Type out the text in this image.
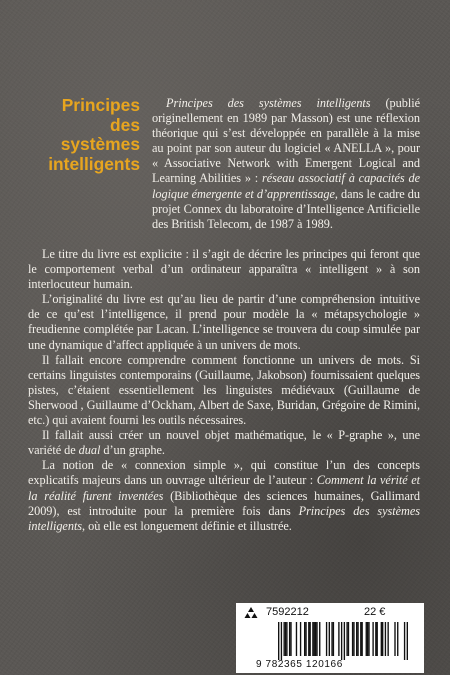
Principes
des systèmes
intelligents

Principes des systèmes intelligents (publié originellement en 1989 par Masson) est une réflexion théorique qui s’est développée en parallèle à la mise au point par son auteur du logiciel « ANELLA », pour « Associative Network with Emergent Logical and Learning Abilities » : réseau associatif à capacités de logique émergente et d’apprentissage, dans le cadre du projet Connex du laboratoire d’Intelligence Artificielle des British Telecom, de 1987 à 1989.

Le titre du livre est explicite : il s’agit de décrire les principes qui feront que le comportement verbal d’un ordinateur apparaîtra « intelligent » à son interlocuteur humain.

L’originalité du livre est qu’au lieu de partir d’une compréhension intuitive de ce qu’est l’intelligence, il prend pour modèle la « métapsychologie » freudienne complétée par Lacan. L’intelligence se trouvera du coup simulée par une dynamique d’affect appliquée à un univers de mots.

Il fallait encore comprendre comment fonctionne un univers de mots. Si certains linguistes contemporains (Guillaume, Jakobson) fournissaient quelques pistes, c’étaient essentiellement les linguistes médiévaux (Guillaume de Sherwood , Guillaume d’Ockham, Albert de Saxe, Buridan, Grégoire de Rimini, etc.) qui avaient fourni les outils nécessaires.

Il fallait aussi créer un nouvel objet mathématique, le « P-graphe », une variété de dual d’un graphe.

La notion de « connexion simple », qui constitue l’un des concepts explicatifs majeurs dans un ouvrage ultérieur de l’auteur : Comment la vérité et la réalité furent inventées (Bibliothèque des sciences humaines, Gallimard 2009), est introduite pour la première fois dans Principes des systèmes intelligents, où elle est longuement définie et illustrée.

7592212	22 €
9 782365 120166
